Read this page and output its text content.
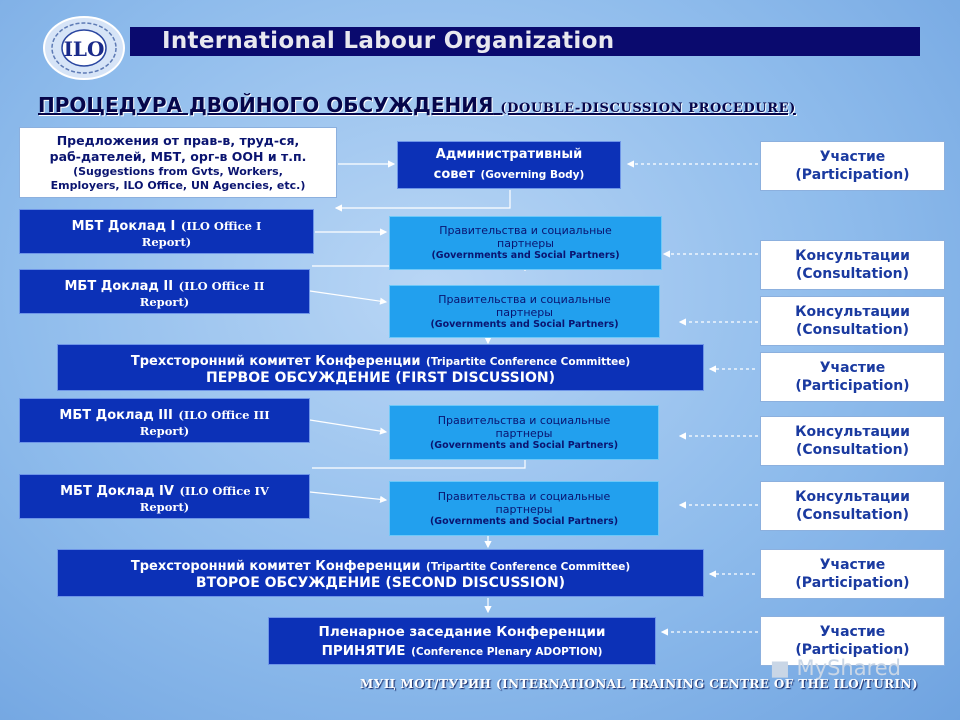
ILO	International Labour Organization
ПРОЦЕДУРА ДВОЙНОГО ОБСУЖДЕНИЯ (DOUBLE-DISCUSSION PROCEDURE)
Предложения от прав-в, труд-ся,
раб-дателей, МБТ, орг-в ООН и т.п.
(Suggestions from Gvts, Workers,
Employers, ILO Office, UN Agencies, etc.)
МБТ Доклад I (ILO Office I
Report)
МБТ Доклад II (ILO Office II
Report)
МБТ Доклад III (ILO Office III
Report)
МБТ Доклад IV (ILO Office IV
Report)
Административный
совет (Governing Body)
Правительства и социальные
партнеры
(Governments and Social Partners)
Правительства и социальные
партнеры
(Governments and Social Partners)
Трехсторонний комитет Конференции (Tripartite Conference Committee)
ПЕРВОЕ ОБСУЖДЕНИЕ (FIRST DISCUSSION)
Правительства и социальные
партнеры
(Governments and Social Partners)
Правительства и социальные
партнеры
(Governments and Social Partners)
Трехсторонний комитет Конференции (Tripartite Conference Committee)
ВТОРОЕ ОБСУЖДЕНИЕ (SECOND DISCUSSION)
Пленарное заседание Конференции
ПРИНЯТИЕ (Conference Plenary ADOPTION)
Участие
(Participation)
Консультации
(Consultation)
Консультации
(Consultation)
Участие
(Participation)
Консультации
(Consultation)
Консультации
(Consultation)
Участие
(Participation)
Участие
(Participation)
■ MyShared
МУЦ МОТ/ТУРИН (INTERNATIONAL TRAINING CENTRE OF THE ILO/TURIN)
